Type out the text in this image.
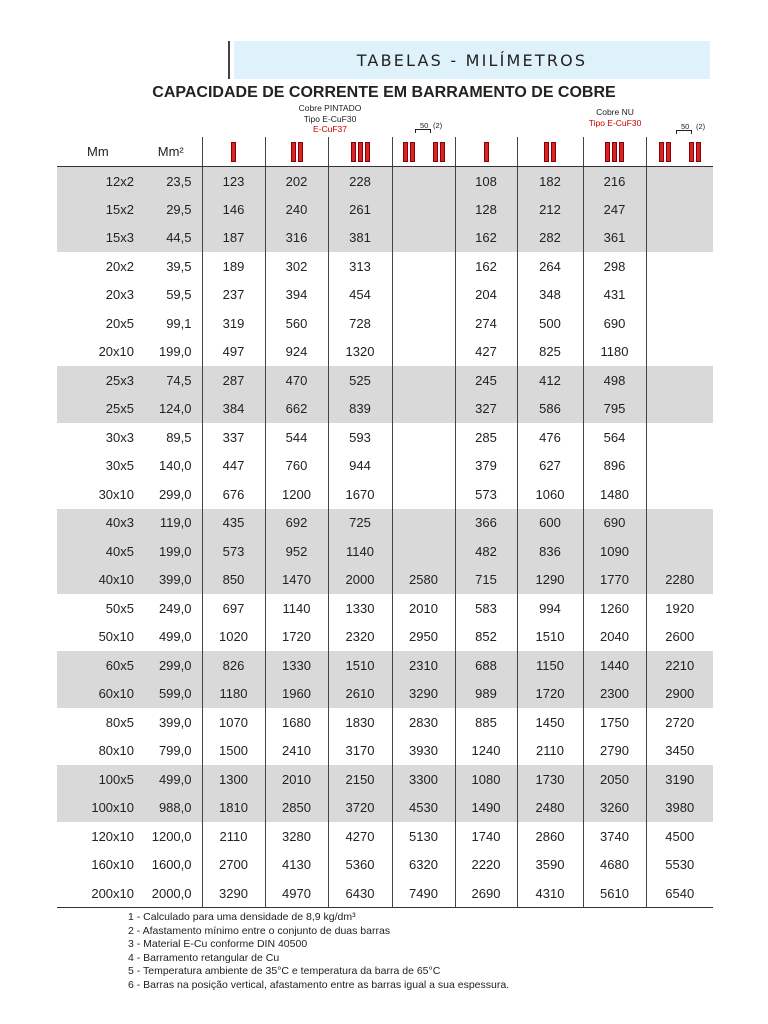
TABELAS - MILÍMETROS
CAPACIDADE DE CORRENTE EM BARRAMENTO DE COBRE
Cobre PINTADO
Tipo E-CuF30
E-CuF37
Cobre NU
Tipo E-CuF30
50 (2)	50 (2)
Mm	Mm²	

12x2	23,5	123	202	228		108	182	216	
15x2	29,5	146	240	261		128	212	247	
15x3	44,5	187	316	381		162	282	361	
20x2	39,5	189	302	313		162	264	298	
20x3	59,5	237	394	454		204	348	431	
20x5	99,1	319	560	728		274	500	690	
20x10	199,0	497	924	1320		427	825	1180	
25x3	74,5	287	470	525		245	412	498	
25x5	124,0	384	662	839		327	586	795	
30x3	89,5	337	544	593		285	476	564	
30x5	140,0	447	760	944		379	627	896	
30x10	299,0	676	1200	1670		573	1060	1480	
40x3	119,0	435	692	725		366	600	690	
40x5	199,0	573	952	1140		482	836	1090	
40x10	399,0	850	1470	2000	2580	715	1290	1770	2280
50x5	249,0	697	1140	1330	2010	583	994	1260	1920
50x10	499,0	1020	1720	2320	2950	852	1510	2040	2600
60x5	299,0	826	1330	1510	2310	688	1150	1440	2210
60x10	599,0	1180	1960	2610	3290	989	1720	2300	2900
80x5	399,0	1070	1680	1830	2830	885	1450	1750	2720
80x10	799,0	1500	2410	3170	3930	1240	2110	2790	3450
100x5	499,0	1300	2010	2150	3300	1080	1730	2050	3190
100x10	988,0	1810	2850	3720	4530	1490	2480	3260	3980
120x10	1200,0	2110	3280	4270	5130	1740	2860	3740	4500
160x10	1600,0	2700	4130	5360	6320	2220	3590	4680	5530
200x10	2000,0	3290	4970	6430	7490	2690	4310	5610	6540

1 - Calculado para uma densidade de 8,9 kg/dm³
2 - Afastamento mínimo entre o conjunto de duas barras
3 - Material E-Cu conforme DIN 40500
4 - Barramento retangular de Cu
5 - Temperatura ambiente de 35°C e temperatura da barra de 65°C
6 - Barras na posição vertical, afastamento entre as barras igual a sua espessura.
